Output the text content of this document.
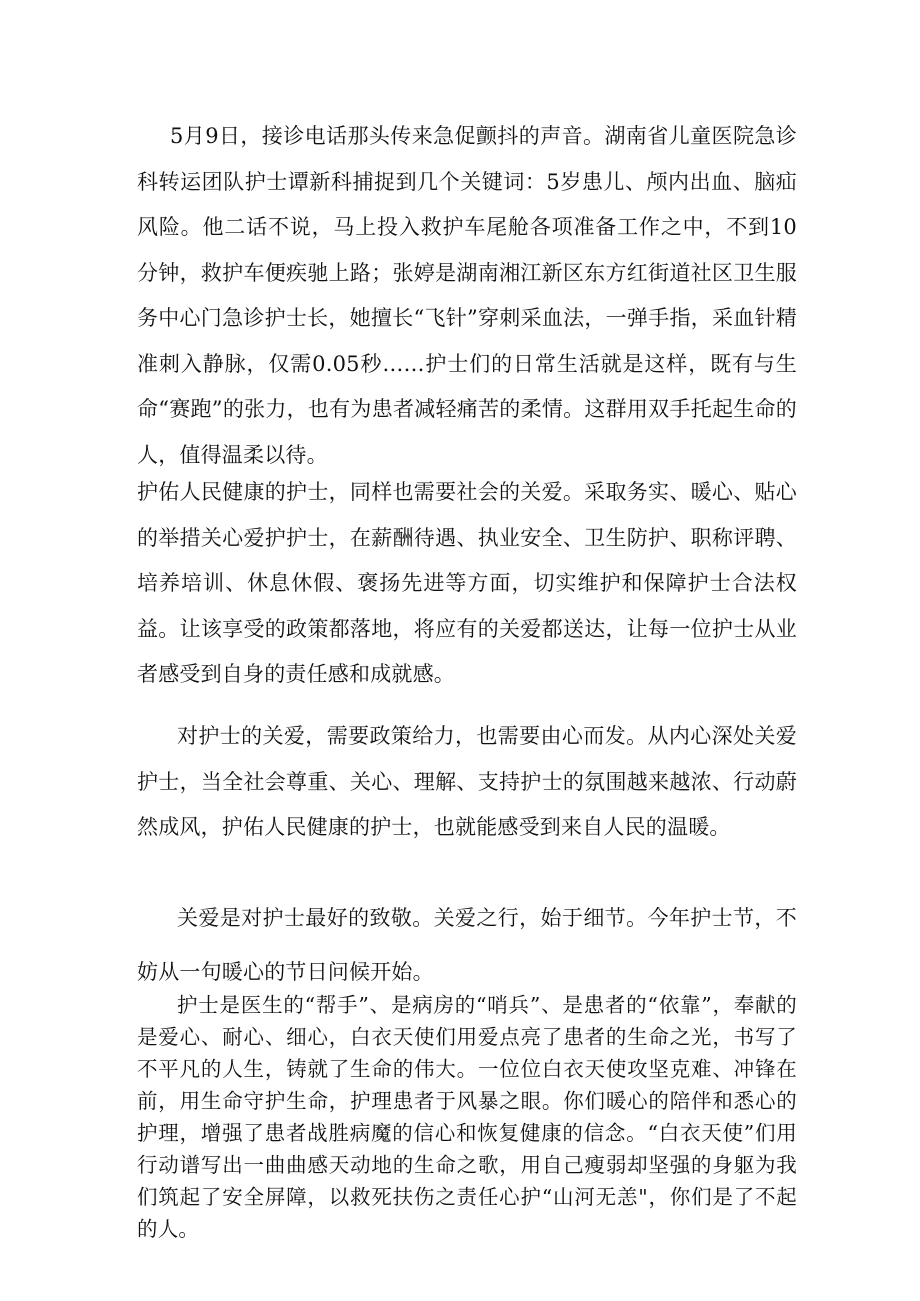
5月9日，接诊电话那头传来急促颤抖的声音。湖南省儿童医院急诊科转运团队护士谭新科捕捉到几个关键词：5岁患儿、颅内出血、脑疝风险。他二话不说，马上投入救护车尾舱各项准备工作之中，不到10分钟，救护车便疾驰上路；张婷是湖南湘江新区东方红街道社区卫生服务中心门急诊护士长，她擅长“飞针”穿刺采血法，一弹手指，采血针精准刺入静脉，仅需0.05秒……护士们的日常生活就是这样，既有与生命“赛跑”的张力，也有为患者减轻痛苦的柔情。这群用双手托起生命的人，值得温柔以待。

护佑人民健康的护士，同样也需要社会的关爱。采取务实、暖心、贴心的举措关心爱护护士，在薪酬待遇、执业安全、卫生防护、职称评聘、培养培训、休息休假、褒扬先进等方面，切实维护和保障护士合法权益。让该享受的政策都落地，将应有的关爱都送达，让每一位护士从业者感受到自身的责任感和成就感。

对护士的关爱，需要政策给力，也需要由心而发。从内心深处关爱护士，当全社会尊重、关心、理解、支持护士的氛围越来越浓、行动蔚然成风，护佑人民健康的护士，也就能感受到来自人民的温暖。

关爱是对护士最好的致敬。关爱之行，始于细节。今年护士节，不妨从一句暖心的节日问候开始。

护士是医生的“帮手”、是病房的“哨兵”、是患者的“依靠”，奉献的是爱心、耐心、细心，白衣天使们用爱点亮了患者的生命之光，书写了不平凡的人生，铸就了生命的伟大。一位位白衣天使攻坚克难、冲锋在前，用生命守护生命，护理患者于风暴之眼。你们暖心的陪伴和悉心的护理，增强了患者战胜病魔的信心和恢复健康的信念。“白衣天使”们用行动谱写出一曲曲感天动地的生命之歌，用自己瘦弱却坚强的身躯为我们筑起了安全屏障，以救死扶伤之责任心护“山河无恙"，你们是了不起的人。
